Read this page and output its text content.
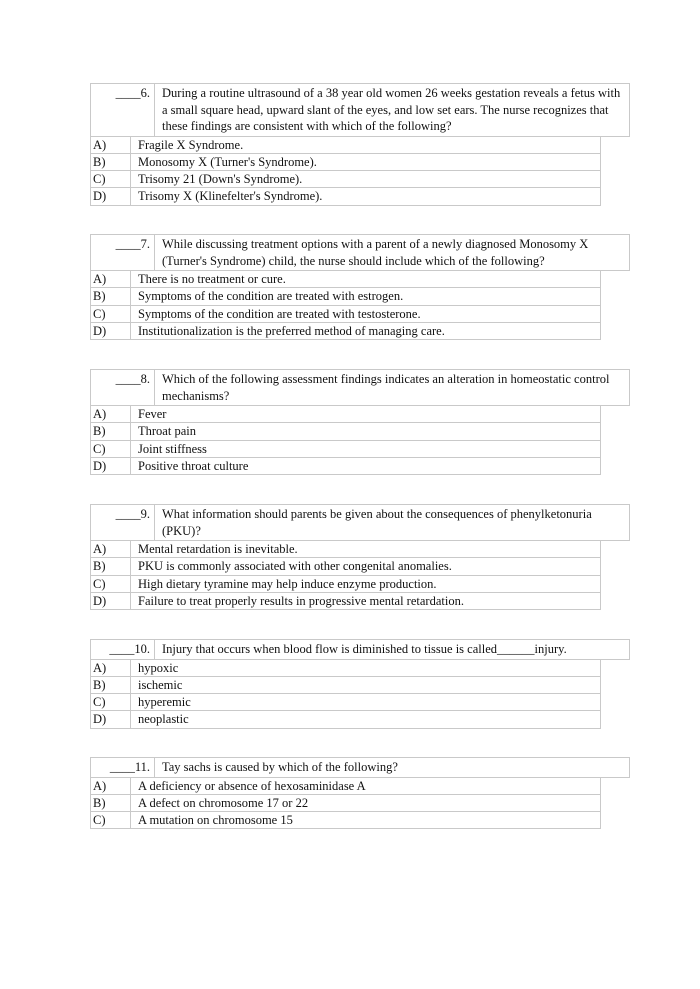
____6. During a routine ultrasound of a 38 year old women 26 weeks gestation reveals a fetus with a small square head, upward slant of the eyes, and low set ears. The nurse recognizes that these findings are consistent with which of the following?
A)	Fragile X Syndrome.
B)	Monosomy X (Turner's Syndrome).
C)	Trisomy 21 (Down's Syndrome).
D)	Trisomy X (Klinefelter's Syndrome).
____7. While discussing treatment options with a parent of a newly diagnosed Monosomy X (Turner's Syndrome) child, the nurse should include which of the following?
A)	There is no treatment or cure.
B)	Symptoms of the condition are treated with estrogen.
C)	Symptoms of the condition are treated with testosterone.
D)	Institutionalization is the preferred method of managing care.
____8. Which of the following assessment findings indicates an alteration in homeostatic control mechanisms?
A)	Fever
B)	Throat pain
C)	Joint stiffness
D)	Positive throat culture
____9. What information should parents be given about the consequences of phenylketonuria (PKU)?
A)	Mental retardation is inevitable.
B)	PKU is commonly associated with other congenital anomalies.
C)	High dietary tyramine may help induce enzyme production.
D)	Failure to treat properly results in progressive mental retardation.
____10. Injury that occurs when blood flow is diminished to tissue is called______injury.
A)	hypoxic
B)	ischemic
C)	hyperemic
D)	neoplastic
____11. Tay sachs is caused by which of the following?
A)	A deficiency or absence of hexosaminidase A
B)	A defect on chromosome 17 or 22
C)	A mutation on chromosome 15
